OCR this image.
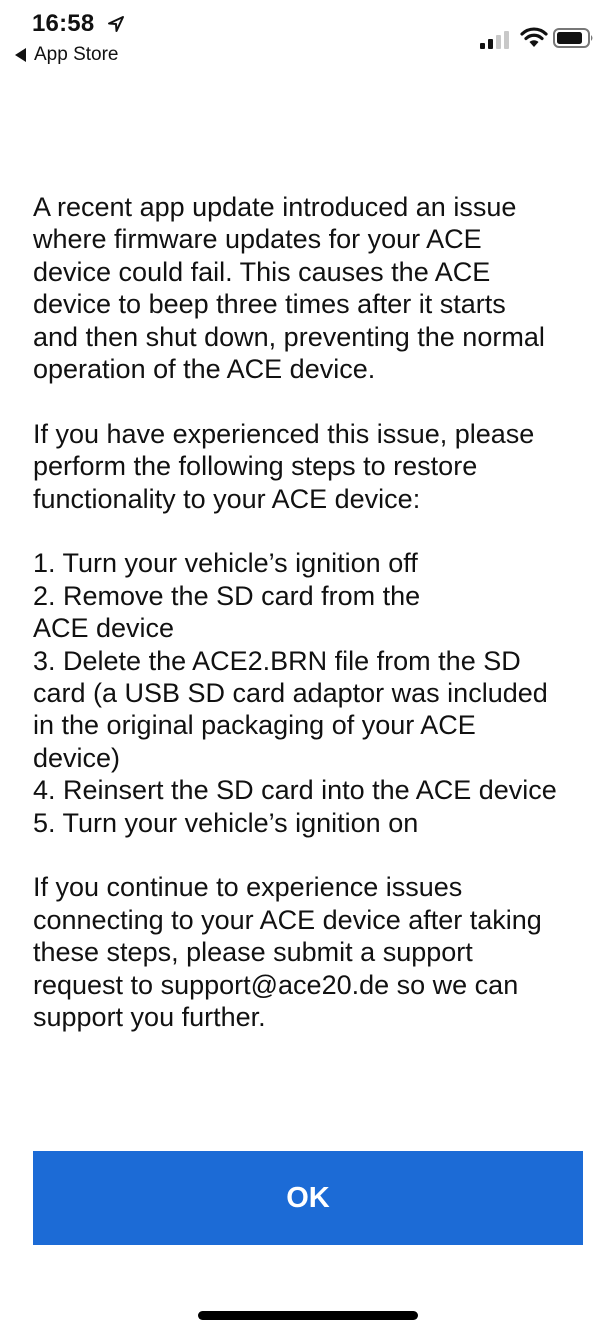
16:58
App Store

A recent app update introduced an issue
where firmware updates for your ACE
device could fail. This causes the ACE
device to beep three times after it starts
and then shut down, preventing the normal
operation of the ACE device.

If you have experienced this issue, please
perform the following steps to restore
functionality to your ACE device:

1. Turn your vehicle’s ignition off
2. Remove the SD card from the
ACE device
3. Delete the ACE2.BRN file from the SD
card (a USB SD card adaptor was included
in the original packaging of your ACE
device)
4. Reinsert the SD card into the ACE device
5. Turn your vehicle’s ignition on

If you continue to experience issues
connecting to your ACE device after taking
these steps, please submit a support
request to support@ace20.de so we can
support you further.

OK
